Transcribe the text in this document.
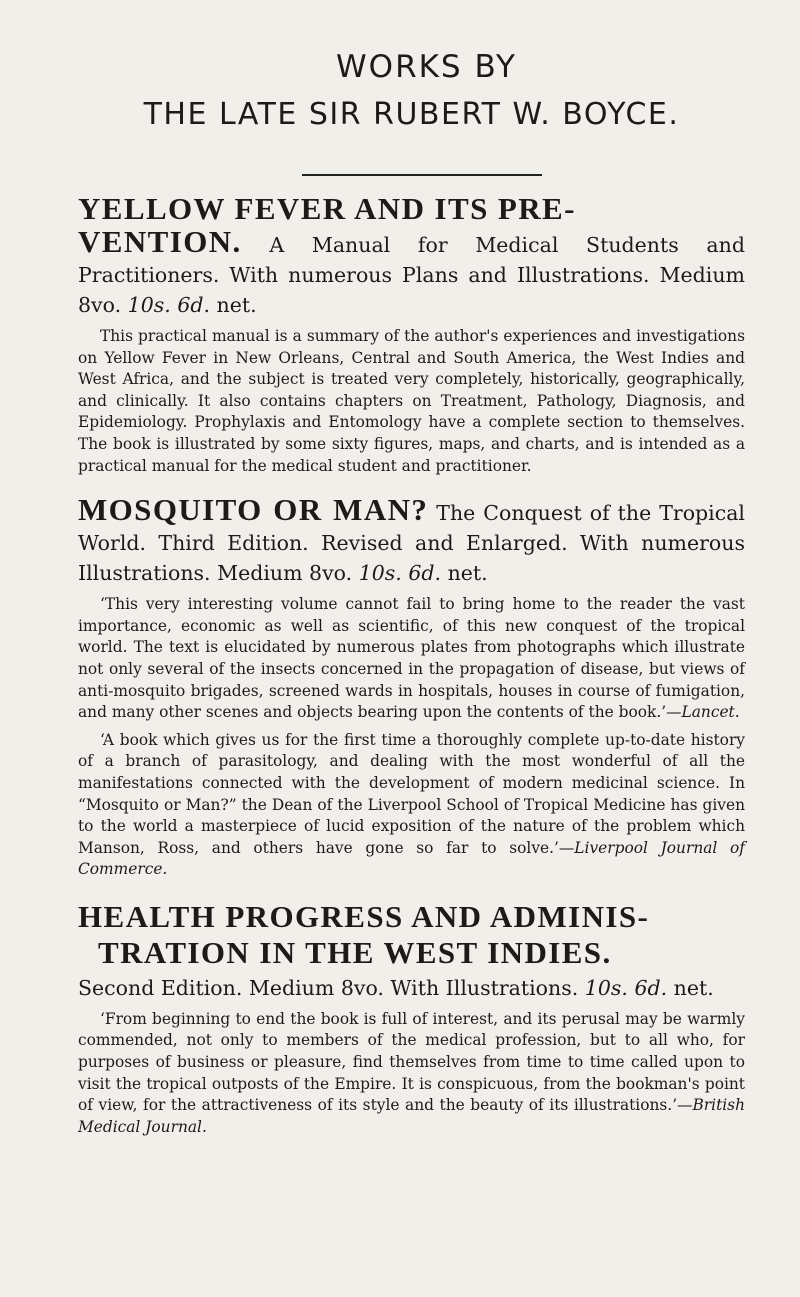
WORKS BY
THE LATE SIR RUBERT W. BOYCE.

YELLOW FEVER AND ITS PRE-
VENTION. A Manual for Medical Students and Practitioners. With numerous Plans and Illustrations. Medium 8vo. 10s. 6d. net.

This practical manual is a summary of the author's experiences and investigations on Yellow Fever in New Orleans, Central and South America, the West Indies and West Africa, and the subject is treated very completely, historically, geographically, and clinically. It also contains chapters on Treatment, Pathology, Diagnosis, and Epidemiology. Prophylaxis and Entomology have a complete section to themselves. The book is illustrated by some sixty figures, maps, and charts, and is intended as a practical manual for the medical student and practitioner.

MOSQUITO OR MAN? The Conquest of the Tropical World. Third Edition. Revised and Enlarged. With numerous Illustrations. Medium 8vo. 10s. 6d. net.

‘This very interesting volume cannot fail to bring home to the reader the vast importance, economic as well as scientific, of this new conquest of the tropical world. The text is elucidated by numerous plates from photographs which illustrate not only several of the insects concerned in the propagation of disease, but views of anti-mosquito brigades, screened wards in hospitals, houses in course of fumigation, and many other scenes and objects bearing upon the contents of the book.’—Lancet.

‘A book which gives us for the first time a thoroughly complete up-to-date history of a branch of parasitology, and dealing with the most wonderful of all the manifestations connected with the development of modern medicinal science. In “Mosquito or Man?” the Dean of the Liverpool School of Tropical Medicine has given to the world a masterpiece of lucid exposition of the nature of the problem which Manson, Ross, and others have gone so far to solve.’—Liverpool Journal of Commerce.

HEALTH PROGRESS AND ADMINIS-
TRATION IN THE WEST INDIES.

Second Edition. Medium 8vo. With Illustrations. 10s. 6d. net.

‘From beginning to end the book is full of interest, and its perusal may be warmly commended, not only to members of the medical profession, but to all who, for purposes of business or pleasure, find themselves from time to time called upon to visit the tropical outposts of the Empire. It is conspicuous, from the bookman's point of view, for the attractiveness of its style and the beauty of its illustrations.’—British Medical Journal.
